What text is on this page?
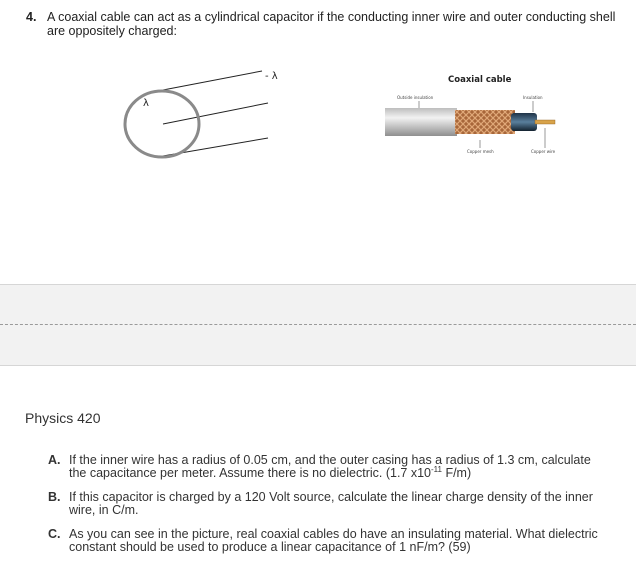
4. A coaxial cable can act as a cylindrical capacitor if the conducting inner wire and outer conducting shell are oppositely charged:
- λ
λ
Coaxial cable
Outside insulation	Insulation
Copper mesh	Copper wire
Physics 420
A. If the inner wire has a radius of 0.05 cm, and the outer casing has a radius of 1.3 cm, calculate the capacitance per meter. Assume there is no dielectric. (1.7 $x10^{-11}$ F/m)
B. If this capacitor is charged by a 120 Volt source, calculate the linear charge density of the inner wire, in C/m.
C. As you can see in the picture, real coaxial cables do have an insulating material. What dielectric constant should be used to produce a linear capacitance of 1 nF/m? (59)
